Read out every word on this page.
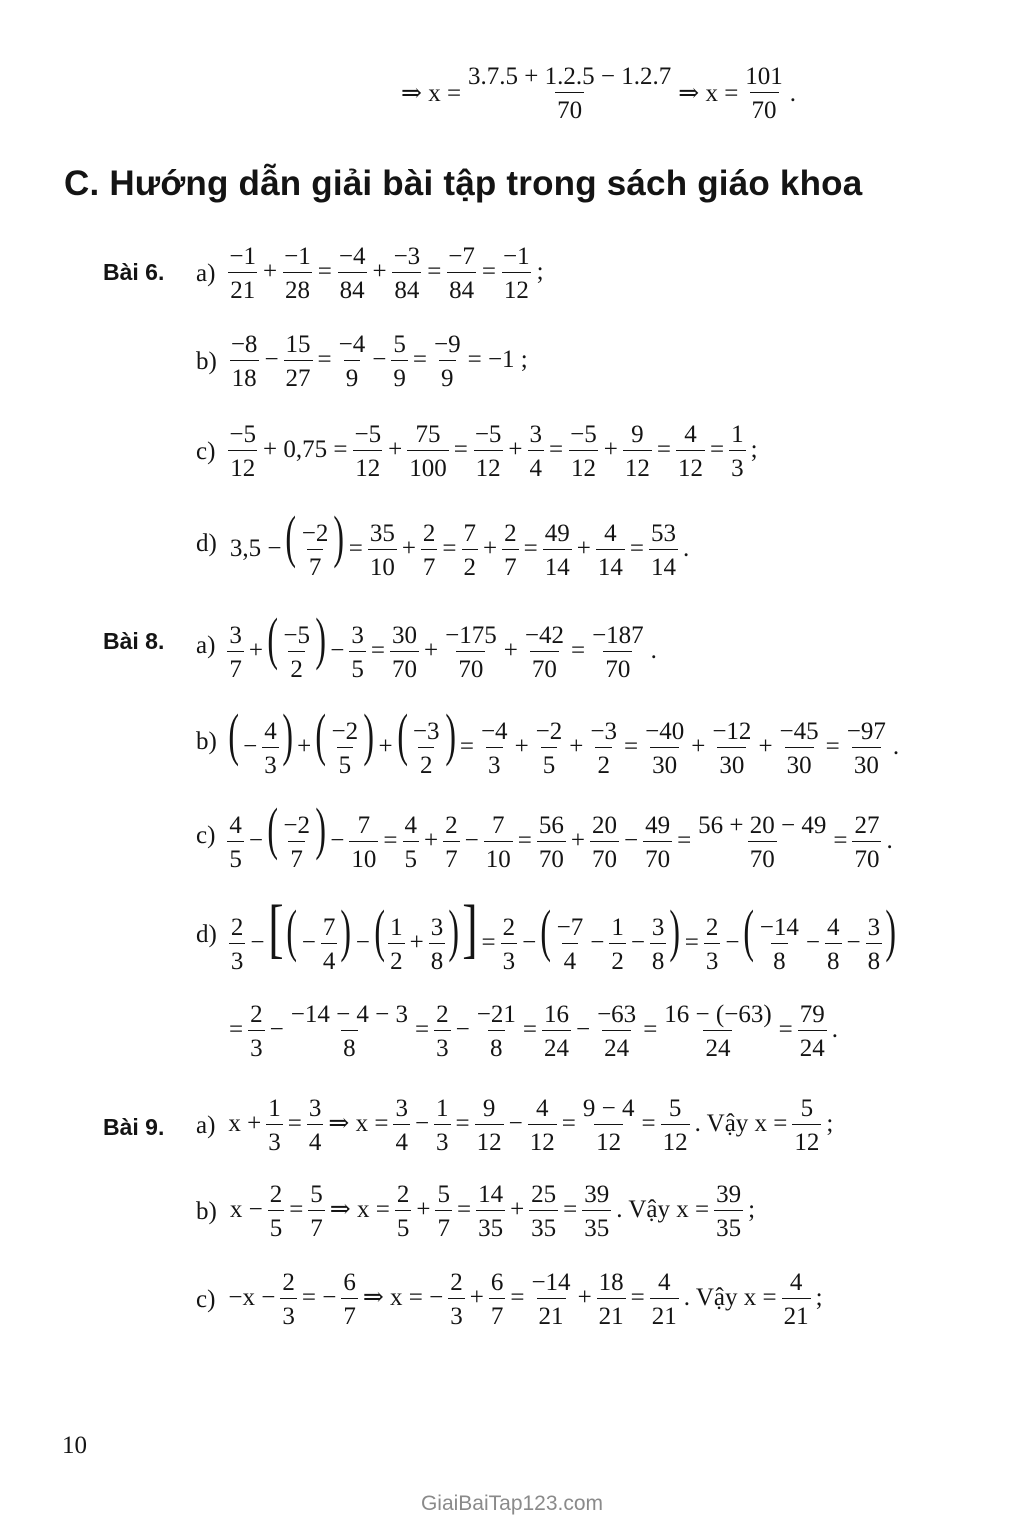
⇒ $x = \frac{3.7.5 + 1.2.5 - 1.2.7}{70}$ ⇒ $x = \frac{101}{70}$ .
C. Hướng dẫn giải bài tập trong sách giáo khoa
Bài 6. $a) \frac{-1}{21} + \frac{-1}{28} = \frac{-4}{84} + \frac{-3}{84} = \frac{-7}{84} = \frac{-1}{12}$ ;
$b) \frac{-8}{18} - \frac{15}{27} = \frac{-4}{9} - \frac{5}{9} = \frac{-9}{9} = -1$ ;
$c) \frac{-5}{12} + 0,75 = \frac{-5}{12} + \frac{75}{100} = \frac{-5}{12} + \frac{3}{4} = \frac{-5}{12} + \frac{9}{12} = \frac{4}{12} = \frac{1}{3}$ ;
d) 3,5 −( $\frac{-2}{7}$ ) = $\frac{35}{10} + \frac{2}{7} = \frac{7}{2} + \frac{2}{7} = \frac{49}{14} + \frac{4}{14} = \frac{53}{14}$ .
Bài 8. $a) \frac{3}{7}$ +( $\frac{-5}{2}$ ) − $\frac{3}{5} = \frac{30}{70} + \frac{-175}{70} + \frac{-42}{70} = \frac{-187}{70}$ .
b) ( − $\frac{4}{3}$ ) +( $\frac{-2}{5}$ ) +( $\frac{-3}{2}$ ) = $\frac{-4}{3} + \frac{-2}{5} + \frac{-3}{2} = \frac{-40}{30} + \frac{-12}{30} + \frac{-45}{30} = \frac{-97}{30}$ .
$c) \frac{4}{5}$ −( $\frac{-2}{7}$ ) − $\frac{7}{10} = \frac{4}{5} + \frac{2}{7} - \frac{7}{10} = \frac{56}{70} + \frac{20}{70} - \frac{49}{70} = \frac{56 + 20 - 49}{70} = \frac{27}{70}$ .
$d) \frac{2}{3}$ −[( − $\frac{7}{4}$ ) −( $\frac{1}{2} + \frac{3}{8}$ )] = $\frac{2}{3}$ −( $\frac{-7}{4} - \frac{1}{2} - \frac{3}{8}$ ) = $\frac{2}{3}$ −( $\frac{-14}{8} - \frac{4}{8} - \frac{3}{8}$ )
= $\frac{2}{3} - \frac{-14 - 4 - 3}{8} = \frac{2}{3} - \frac{-21}{8} = \frac{16}{24} - \frac{-63}{24} = \frac{16 - (-63)}{24} = \frac{79}{24}$ .
Bài 9. a) $x + \frac{1}{3} = \frac{3}{4}$ ⇒ $x = \frac{3}{4} - \frac{1}{3} = \frac{9}{12} - \frac{4}{12} = \frac{9 - 4}{12} = \frac{5}{12}$ . Vậy $x = \frac{5}{12}$ ;
b) $x - \frac{2}{5} = \frac{5}{7}$ ⇒ $x = \frac{2}{5} + \frac{5}{7} = \frac{14}{35} + \frac{25}{35} = \frac{39}{35}$ . Vậy $x = \frac{39}{35}$ ;
$c) -x - \frac{2}{3}$ = − $\frac{6}{7}$ ⇒ x = − $\frac{2}{3} + \frac{6}{7} = \frac{-14}{21} + \frac{18}{21} = \frac{4}{21}$ . Vậy $x = \frac{4}{21}$ ;
10
GiaiBaiTap123.com
